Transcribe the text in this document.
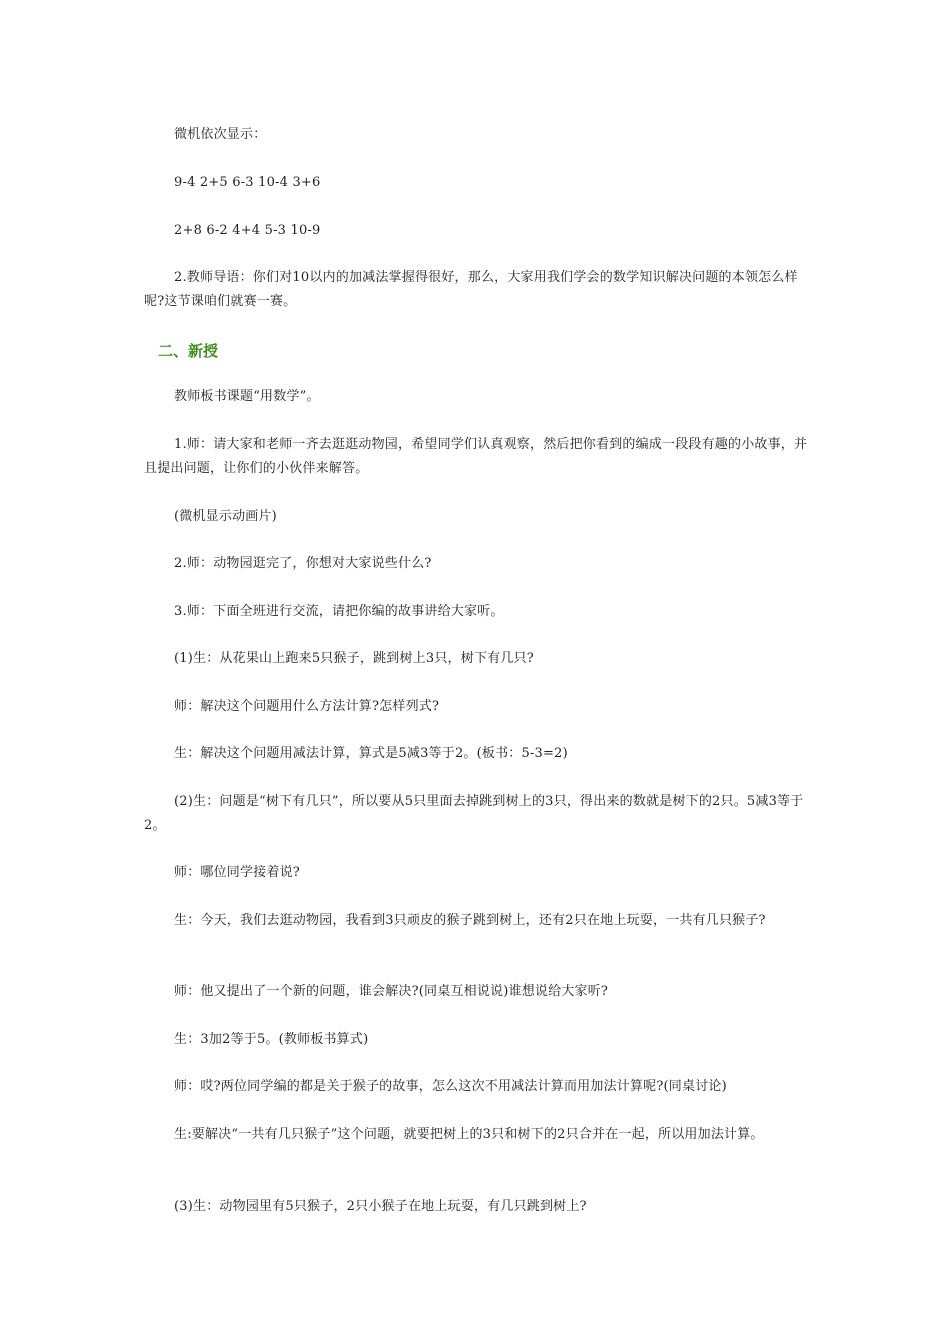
微机依次显示：

9-4 2+5 6-3 10-4 3+6

2+8 6-2 4+4 5-3 10-9

2.教师导语：你们对10以内的加减法掌握得很好，那么，大家用我们学会的数学知识解决问题的本领怎么样呢?这节课咱们就赛一赛。

二、新授

教师板书课题“用数学”。

1.师：请大家和老师一齐去逛逛动物园，希望同学们认真观察，然后把你看到的编成一段段有趣的小故事，并且提出问题，让你们的小伙伴来解答。

(微机显示动画片)

2.师：动物园逛完了，你想对大家说些什么?

3.师：下面全班进行交流，请把你编的故事讲给大家听。

(1)生：从花果山上跑来5只猴子，跳到树上3只，树下有几只?

师：解决这个问题用什么方法计算?怎样列式?

生：解决这个问题用减法计算，算式是5减3等于2。(板书：5-3=2)

(2)生：问题是“树下有几只”，所以要从5只里面去掉跳到树上的3只，得出来的数就是树下的2只。5减3等于2。

师：哪位同学接着说?

生：今天，我们去逛动物园，我看到3只顽皮的猴子跳到树上，还有2只在地上玩耍，一共有几只猴子?

师：他又提出了一个新的问题，谁会解决?(同桌互相说说)谁想说给大家听?

生：3加2等于5。(教师板书算式)

师：哎?两位同学编的都是关于猴子的故事，怎么这次不用减法计算而用加法计算呢?(同桌讨论)

生:要解决“一共有几只猴子”这个问题，就要把树上的3只和树下的2只合并在一起，所以用加法计算。

(3)生：动物园里有5只猴子，2只小猴子在地上玩耍，有几只跳到树上?
